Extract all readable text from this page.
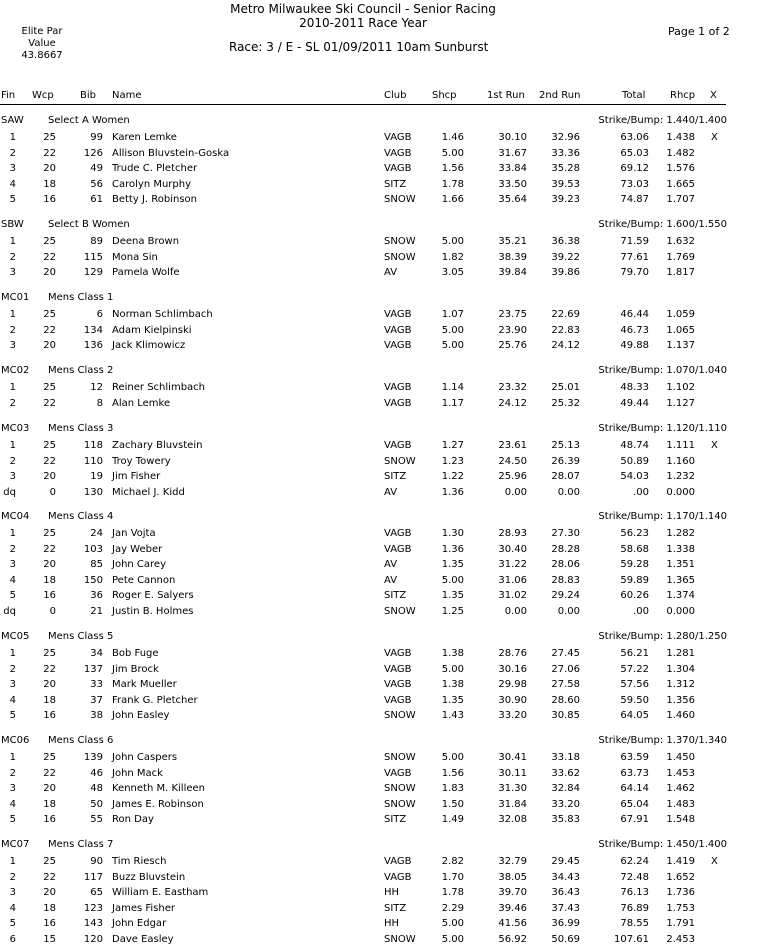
Metro Milwaukee Ski Council - Senior Racing
2010-2011 Race Year
Race: 3 / E - SL 01/09/2011 10am Sunburst
Page 1 of 2
Elite Par
Value
43.8667
Fin Wcp	Bib Name	Club	Shcp	1st Run 2nd Run	Total Rhcp X
SAW Select A Women	Strike/Bump: 1.440/1.400
1	25	99 Karen Lemke	VAGB	1.46	30.10	32.96	63.06	1.438 X
2	22	126 Allison Bluvstein-Goska	VAGB	5.00	31.67	33.36	65.03	1.482
3	20	49 Trude C. Pletcher	VAGB	1.56	33.84	35.28	69.12	1.576
4	18	56 Carolyn Murphy	SITZ	1.78	33.50	39.53	73.03	1.665
5	16	61 Betty J. Robinson	SNOW	1.66	35.64	39.23	74.87	1.707
SBW Select B Women	Strike/Bump: 1.600/1.550
1	25	89 Deena Brown	SNOW	5.00	35.21	36.38	71.59	1.632
2	22	115 Mona Sin	SNOW	1.82	38.39	39.22	77.61	1.769
3	20	129 Pamela Wolfe	AV	3.05	39.84	39.86	79.70	1.817
MC01 Mens Class 1
1	25	6 Norman Schlimbach	VAGB	1.07	23.75	22.69	46.44	1.059
2	22	134 Adam Kielpinski	VAGB	5.00	23.90	22.83	46.73	1.065
3	20	136 Jack Klimowicz	VAGB	5.00	25.76	24.12	49.88	1.137
MC02 Mens Class 2	Strike/Bump: 1.070/1.040
1	25	12 Reiner Schlimbach	VAGB	1.14	23.32	25.01	48.33	1.102
2	22	8 Alan Lemke	VAGB	1.17	24.12	25.32	49.44	1.127
MC03 Mens Class 3	Strike/Bump: 1.120/1.110
1	25	118 Zachary Bluvstein	VAGB	1.27	23.61	25.13	48.74	1.111 X
2	22	110 Troy Towery	SNOW	1.23	24.50	26.39	50.89	1.160
3	20	19 Jim Fisher	SITZ	1.22	25.96	28.07	54.03	1.232
dq	0	130 Michael J. Kidd	AV	1.36	0.00	0.00	.00	0.000
MC04 Mens Class 4	Strike/Bump: 1.170/1.140
1	25	24 Jan Vojta	VAGB	1.30	28.93	27.30	56.23	1.282
2	22	103 Jay Weber	VAGB	1.36	30.40	28.28	58.68	1.338
3	20	85 John Carey	AV	1.35	31.22	28.06	59.28	1.351
4	18	150 Pete Cannon	AV	5.00	31.06	28.83	59.89	1.365
5	16	36 Roger E. Salyers	SITZ	1.35	31.02	29.24	60.26	1.374
dq	0	21 Justin B. Holmes	SNOW	1.25	0.00	0.00	.00	0.000
MC05 Mens Class 5	Strike/Bump: 1.280/1.250
1	25	34 Bob Fuge	VAGB	1.38	28.76	27.45	56.21	1.281
2	22	137 Jim Brock	VAGB	5.00	30.16	27.06	57.22	1.304
3	20	33 Mark Mueller	VAGB	1.38	29.98	27.58	57.56	1.312
4	18	37 Frank G. Pletcher	VAGB	1.35	30.90	28.60	59.50	1.356
5	16	38 John Easley	SNOW	1.43	33.20	30.85	64.05	1.460
MC06 Mens Class 6	Strike/Bump: 1.370/1.340
1	25	139 John Caspers	SNOW	5.00	30.41	33.18	63.59	1.450
2	22	46 John Mack	VAGB	1.56	30.11	33.62	63.73	1.453
3	20	48 Kenneth M. Killeen	SNOW	1.83	31.30	32.84	64.14	1.462
4	18	50 James E. Robinson	SNOW	1.50	31.84	33.20	65.04	1.483
5	16	55 Ron Day	SITZ	1.49	32.08	35.83	67.91	1.548
MC07 Mens Class 7	Strike/Bump: 1.450/1.400
1	25	90 Tim Riesch	VAGB	2.82	32.79	29.45	62.24	1.419 X
2	22	117 Buzz Bluvstein	VAGB	1.70	38.05	34.43	72.48	1.652
3	20	65 William E. Eastham	HH	1.78	39.70	36.43	76.13	1.736
4	18	123 James Fisher	SITZ	2.29	39.46	37.43	76.89	1.753
5	16	143 John Edgar	HH	5.00	41.56	36.99	78.55	1.791
6	15	120 Dave Easley	SNOW	5.00	56.92	50.69	107.61	2.453
